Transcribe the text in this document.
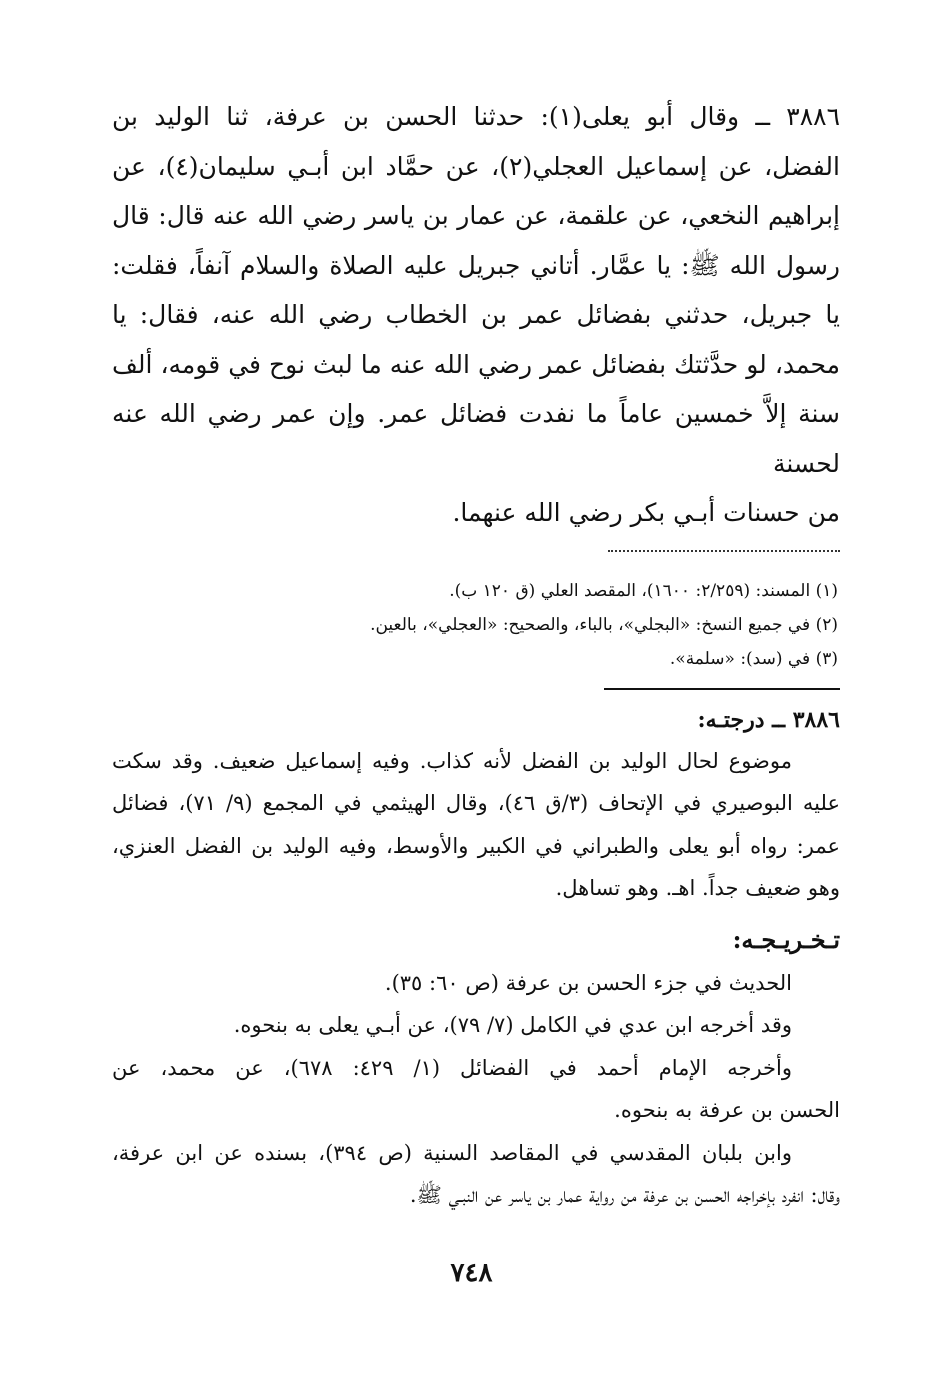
٣٨٨٦ ــ وقال أبو يعلى(١): حدثنا الحسن بن عرفة، ثنا الوليد بن

الفضل، عن إسماعيل العجلي(٢)، عن حمَّاد ابن أبـي سليمان(٤)، عن

إبراهيم النخعي، عن علقمة، عن عمار بن ياسر رضي الله عنه قال: قال

رسول الله ﷺ: يا عمَّار. أتاني جبريل عليه الصلاة والسلام آنفاً، فقلت:

يا جبريل، حدثني بفضائل عمر بن الخطاب رضي الله عنه، فقال: يا

محمد، لو حدَّثتك بفضائل عمر رضي الله عنه ما لبث نوح في قومه، ألف

سنة إلاَّ خمسين عاماً ما نفدت فضائل عمر. وإن عمر رضي الله عنه لحسنة

من حسنات أبـي بكر رضي الله عنهما.

(١) المسند: (٢/٢٥٩: ١٦٠٠)، المقصد العلي (ق ١٢٠ ب).

(٢) في جميع النسخ: «البجلي»، بالباء، والصحيح: «العجلي»، بالعين.

(٣) في (سد): «سلمة».

٣٨٨٦ ــ درجتـه:

موضوع لحال الوليد بن الفضل لأنه كذاب. وفيه إسماعيل ضعيف. وقد سكت

عليه البوصيري في الإتحاف (٣/ق ٤٦)، وقال الهيثمي في المجمع (٩/ ٧١)، فضائل

عمر: رواه أبو يعلى والطبراني في الكبير والأوسط، وفيه الوليد بن الفضل العنزي،

وهو ضعيف جداً. اهـ. وهو تساهل.

تـخـريـجـه:

الحديث في جزء الحسن بن عرفة (ص ٦٠: ٣٥).

وقد أخرجه ابن عدي في الكامل (٧/ ٧٩)، عن أبـي يعلى به بنحوه.

وأخرجه الإمام أحمد في الفضائل (١/ ٤٢٩: ٦٧٨)، عن محمد، عن

الحسن بن عرفة به بنحوه.

وابن بلبان المقدسي في المقاصد السنية (ص ٣٩٤)، بسنده عن ابن عرفة،

وقال: انفرد بإخراجه الحسن بن عرفة من رواية عمار بن ياسر عن النبـي ﷺ.

٧٤٨
